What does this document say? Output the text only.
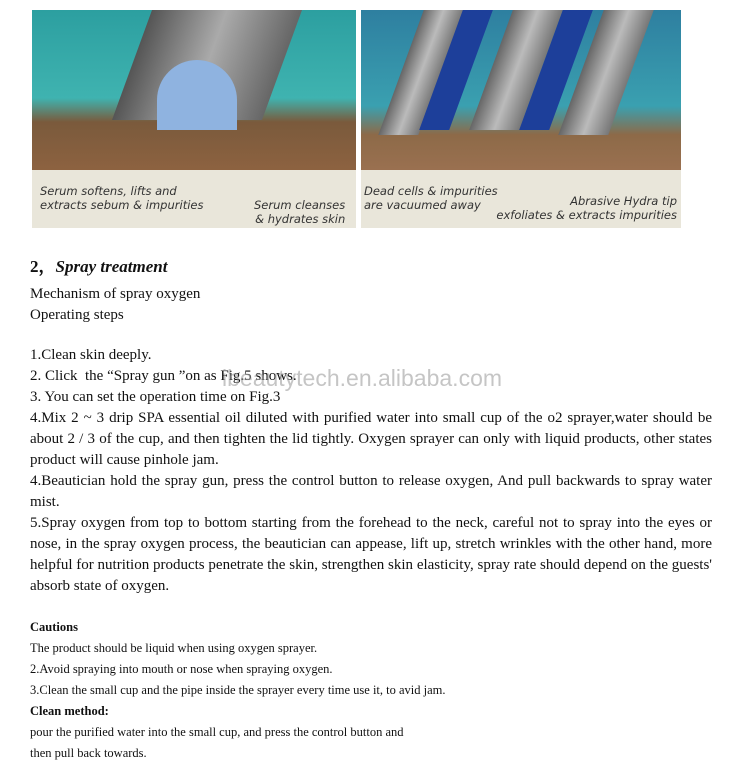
Serum softens, lifts and
extracts sebum & impurities	Serum cleanses
& hydrates skin
Dead cells & impurities
are vacuumed away	Abrasive Hydra tip
exfoliates & extracts impurities
2，Spray treatment

Mechanism of spray oxygen

Operating steps

1.Clean skin deeply.

2. Click  the “Spray gun ”on as Fig.5 shows.

3. You can set the operation time on Fig.3

4.Mix 2 ~ 3 drip SPA essential oil diluted with purified water into small cup of the o2 sprayer,water should be about 2 / 3 of the cup, and then tighten the lid tightly. Oxygen sprayer can only with liquid products, other states product will cause pinhole jam.

4.Beautician hold the spray gun, press the control button to release oxygen, And pull backwards to spray water mist.

5.Spray oxygen from top to bottom starting from the forehead to the neck, careful not to spray into the eyes or nose, in the spray oxygen process, the beautician can appease, lift up, stretch wrinkles with the other hand, more helpful for nutrition products penetrate the skin, strengthen skin elasticity, spray rate should depend on the guests' absorb state of oxygen.

ibeautytech.en.alibaba.com

Cautions

The product should be liquid when using oxygen sprayer.

2.Avoid spraying into mouth or nose when spraying oxygen.

3.Clean the small cup and the pipe inside the sprayer every time use it, to avid jam.

Clean method:

pour the purified water into the small cup, and press the control button and

then pull back towards.
